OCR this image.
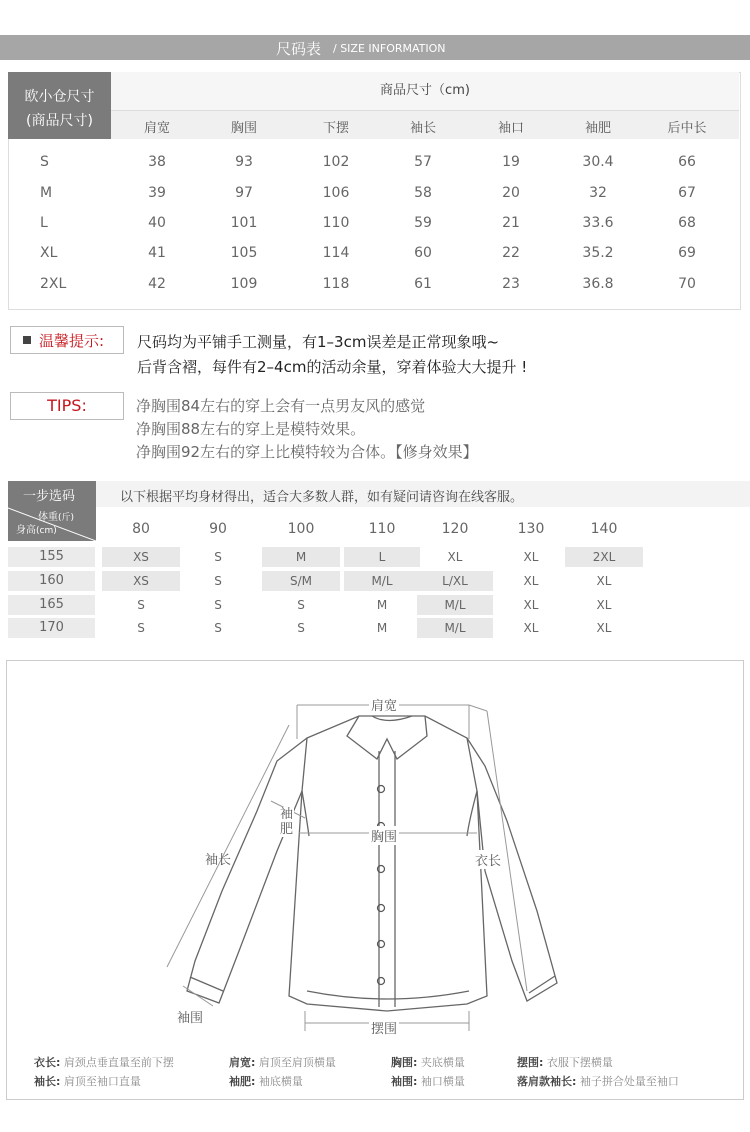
尺码表 / SIZE INFORMATION
欧小仓尺寸
(商品尺寸)
商品尺寸（cm)
肩宽	胸围	下摆	袖长	袖口	袖肥	后中长
S	38	93	102	57	19	30.4	66
M	39	97	106	58	20	32	67
L	40	101	110	59	21	33.6	68
XL	41	105	114	60	22	35.2	69
2XL	42	109	118	61	23	36.8	70
温馨提示: 尺码均为平铺手工测量，有1–3cm误差是正常现象哦~
后背含褶，每件有2–4cm的活动余量，穿着体验大大提升 !
TIPS:	净胸围84左右的穿上会有一点男友风的感觉
净胸围88左右的穿上是模特效果。
净胸围92左右的穿上比模特较为合体。【修身效果】
以下根据平均身材得出，适合大多数人群，如有疑问请咨询在线客服。
一步选码
体重(斤)
身高(cm)	80	90	100	110	120	130	140
155	XS	S	M	L	XL	XL	2XL
160	XS	S	S/M	M/L	L/XL	XL	XL
165	S	S	S	M	M/L	XL	XL
170	S	S	S	M	M/L	XL	XL
肩宽
袖肥
胸围
袖长	衣长
袖围
摆围
衣长: 肩颈点垂直量至前下摆	肩宽: 肩顶至肩顶横量	胸围: 夹底横量	摆围: 衣服下摆横量
袖长: 肩顶至袖口直量	袖肥: 袖底横量	袖围: 袖口横量	落肩款袖长: 袖子拼合处量至袖口
